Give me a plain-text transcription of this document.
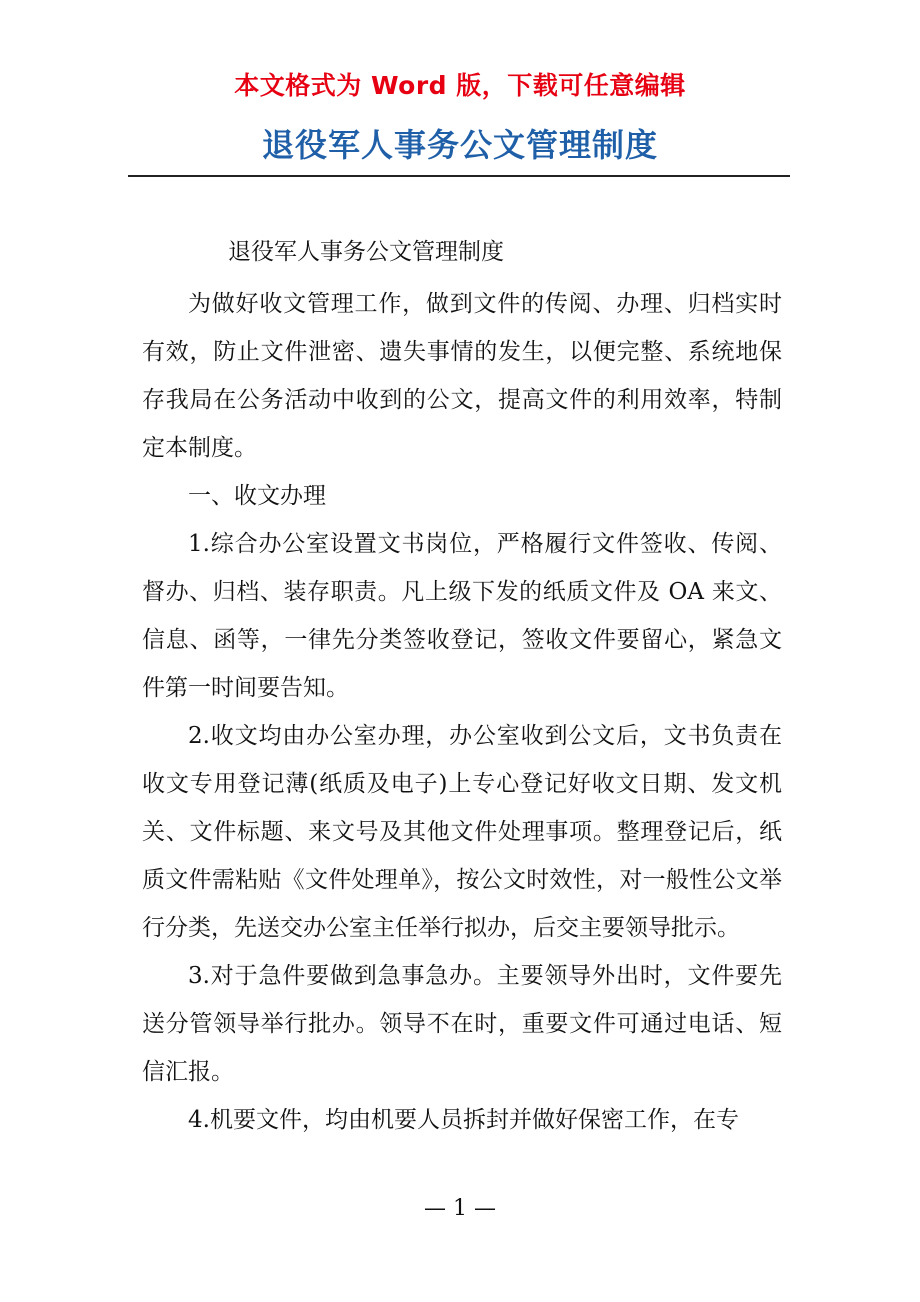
本文格式为 Word 版，下载可任意编辑
退役军人事务公文管理制度

退役军人事务公文管理制度

为做好收文管理工作，做到文件的传阅、办理、归档实时有效，防止文件泄密、遗失事情的发生，以便完整、系统地保存我局在公务活动中收到的公文，提高文件的利用效率，特制定本制度。

一、收文办理

1.综合办公室设置文书岗位，严格履行文件签收、传阅、督办、归档、装存职责。凡上级下发的纸质文件及 OA 来文、信息、函等，一律先分类签收登记，签收文件要留心，紧急文件第一时间要告知。

2.收文均由办公室办理，办公室收到公文后，文书负责在收文专用登记薄(纸质及电子)上专心登记好收文日期、发文机关、文件标题、来文号及其他文件处理事项。整理登记后，纸质文件需粘贴《文件处理单》，按公文时效性，对一般性公文举行分类，先送交办公室主任举行拟办，后交主要领导批示。

3.对于急件要做到急事急办。主要领导外出时，文件要先送分管领导举行批办。领导不在时，重要文件可通过电话、短信汇报。

4.机要文件，均由机要人员拆封并做好保密工作，在专

— 1 —
